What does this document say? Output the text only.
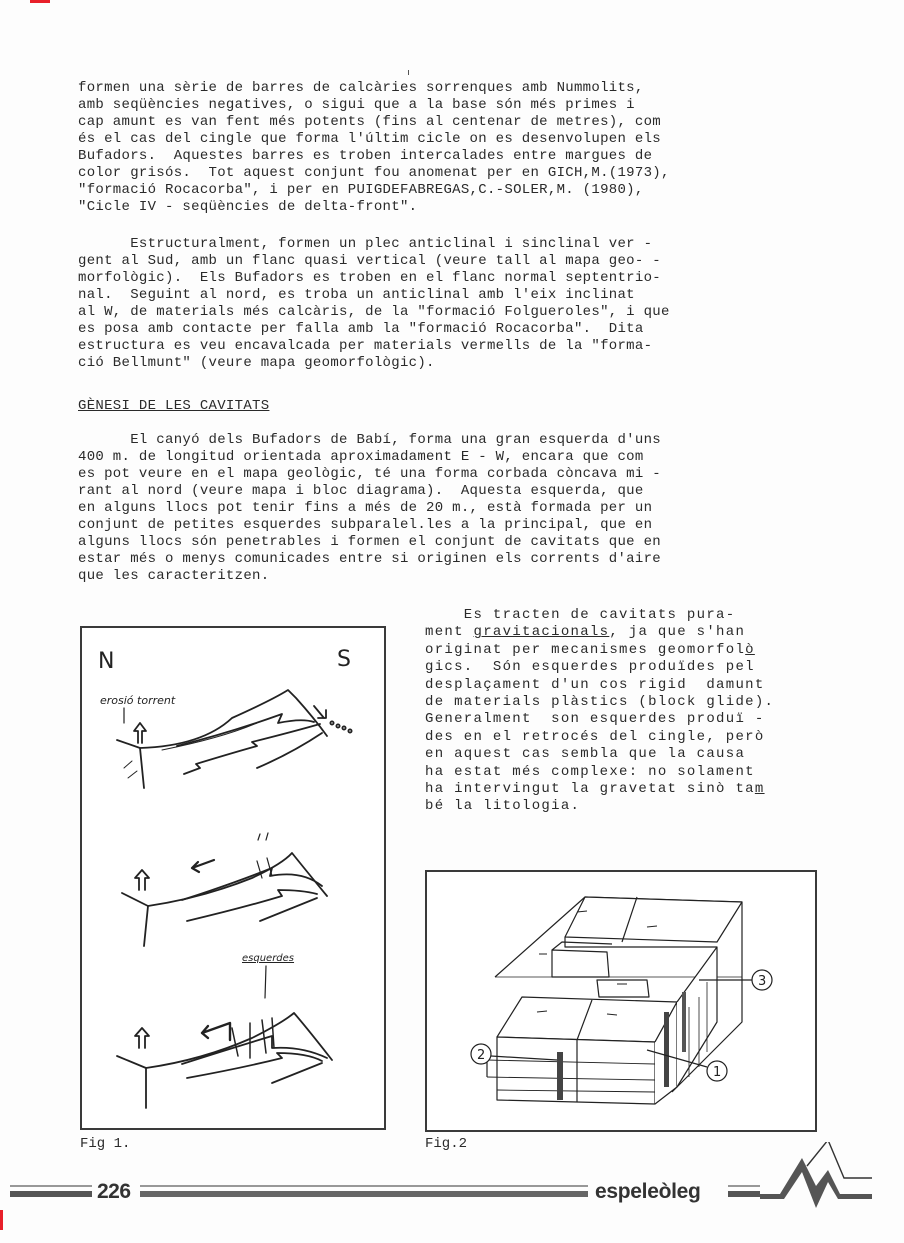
formen una sèrie de barres de calcàries sorrenques amb Nummolits,
amb seqüències negatives, o sigui que a la base són més primes i
cap amunt es van fent més potents (fins al centenar de metres), com
és el cas del cingle que forma l'últim cicle on es desenvolupen els
Bufadors.  Aquestes barres es troben intercalades entre margues de
color grisós.  Tot aquest conjunt fou anomenat per en GICH,M.(1973),
"formació Rocacorba", i per en PUIGDEFABREGAS,C.-SOLER,M. (1980),
"Cicle IV - seqüències de delta-front".
Estructuralment, formen un plec anticlinal i sinclinal ver -
gent al Sud, amb un flanc quasi vertical (veure tall al mapa geo- -
morfològic).  Els Bufadors es troben en el flanc normal septentrio-
nal.  Seguint al nord, es troba un anticlinal amb l'eix inclinat
al W, de materials més calcàris, de la "formació Folgueroles", i que
es posa amb contacte per falla amb la "formació Rocacorba".  Dita
estructura es veu encavalcada per materials vermells de la "forma-
ció Bellmunt" (veure mapa geomorfològic).
GÈNESI DE LES CAVITATS
El canyó dels Bufadors de Babí, forma una gran esquerda d'uns
400 m. de longitud orientada aproximadament E - W, encara que com
es pot veure en el mapa geològic, té una forma corbada còncava mi -
rant al nord (veure mapa i bloc diagrama).  Aquesta esquerda, que
en alguns llocs pot tenir fins a més de 20 m., està formada per un
conjunt de petites esquerdes subparalel.les a la principal, que en
alguns llocs són penetrables i formen el conjunt de cavitats que en
estar més o menys comunicades entre si originen els corrents d'aire
que les caracteritzen.
Es tracten de cavitats pura-
ment gravitacionals, ja que s'han
originat per mecanismes geomorfolò
gics.  Són esquerdes produïdes pel
desplaçament d'un cos rigid  damunt
de materials plàstics (block glide).
Generalment  son esquerdes produï -
des en el retrocés del cingle, però
en aquest cas sembla que la causa
ha estat més complexe: no solament
ha intervingut la gravetat sinò tam
bé la litologia.
N	S
erosió torrent
esquerdes
Fig 1.
1
2
3
Fig.2
226	espeleòleg
